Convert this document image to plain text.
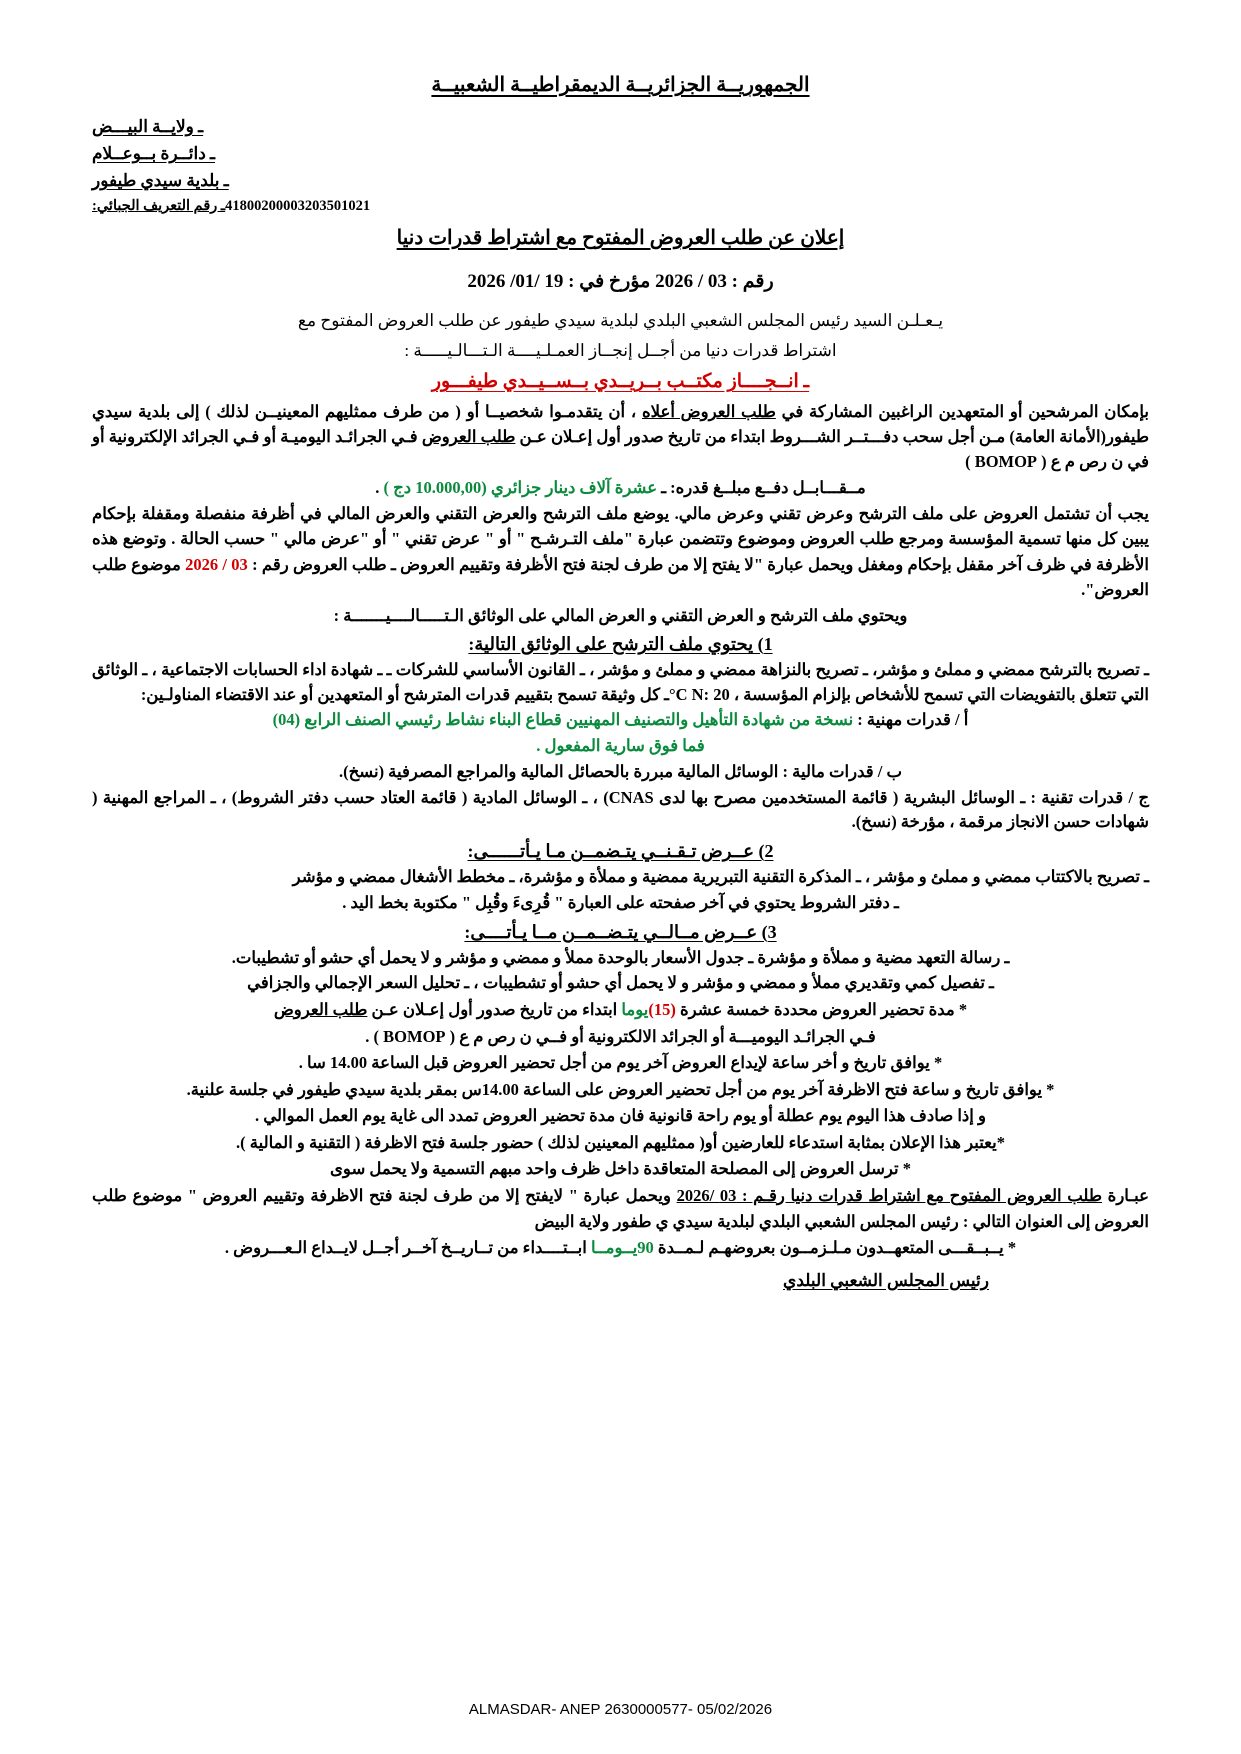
الجمهوريــة الجزائريــة الديمقراطيــة الشعبيــة
ـ ولايــة البيـــض
ـ دائــرة بــوعــلام
ـ بلدية سيدي طيفور
41800200003203501021ـ رقم التعريف الجبائي:
إعلان عن طلب العروض المفتوح مع اشتراط قدرات دنيا
رقم : 03 / 2026 مؤرخ في : 19 /01/ 2026

يـعـلـن السيد رئيس المجلس الشعبي البلدي لبلدية سيدي طيفور عن طلب العروض المفتوح مع

اشتراط قدرات دنيا من أجــل إنجــاز العمـلـيــــة الـتـــالـيـــــة :

ـ انــجــــاز مكتــب بــريــدي بــســيــدي طيفـــور

بإمكان المرشحين أو المتعهدين الراغبين المشاركة في طلب العروض أعلاه ، أن يتقدمـوا شخصيــا أو ( من طرف ممثليهم المعينيــن لذلك ) إلى بلدية سيدي طيفور(الأمانة العامة) مـن أجل سحب دفـــتــر الشـــروط ابتداء من تاريخ صدور أول إعـلان عـن طلب العروض فـي الجرائـد اليوميـة أو فـي الجرائد الإلكترونية أو في ن رص م ع ( BOMOP )

مــقـــابــل دفــع مبلــغ قدره: ـ عشرة آلاف دينار جزائري (10.000,00 دج ) .

يجب أن تشتمل العروض على ملف الترشح وعرض تقني وعرض مالي. يوضع ملف الترشح والعرض التقني والعرض المالي في أظرفة منفصلة ومقفلة بإحكام يبين كل منها تسمية المؤسسة ومرجع طلب العروض وموضوع وتتضمن عبارة "ملف التـرشـح " أو " عرض تقني " أو "عرض مالي " حسب الحالة . وتوضع هذه الأظرفة في ظرف آخر مقفل بإحكام ومغفل ويحمل عبارة "لا يفتح إلا من طرف لجنة فتح الأظرفة وتقييم العروض ـ طلب العروض رقم : 03 / 2026 موضوع طلب العروض".

ويحتوي ملف الترشح و العرض التقني و العرض المالي على الوثائق الـتـــــالــــيـــــــة :

1) يحتوي ملف الترشح على الوثائق التالية:

ـ تصريح بالترشح ممضي و مملئ و مؤشر، ـ تصريح بالنزاهة ممضي و مملئ و مؤشر ، ـ القانون الأساسي للشركات ـ ـ شهادة اداء الحسابات الاجتماعية ، ـ الوثائق التي تتعلق بالتفويضات التي تسمح للأشخاص بإلزام المؤسسة ، 20 :C N°ـ كل وثيقة تسمح بتقييم قدرات المترشح أو المتعهدين أو عند الاقتضاء المناولـين:

أ / قدرات مهنية : نسخة من شهادة التأهيل والتصنيف المهنيين قطاع البناء نشاط رئيسي الصنف الرابع (04)

فما فوق سارية المفعول .

ب / قدرات مالية : الوسائل المالية مبررة بالحصائل المالية والمراجع المصرفية (نسخ).

ج / قدرات تقنية : ـ الوسائل البشرية ( قائمة المستخدمين مصرح بها لدى CNAS) ، ـ الوسائل المادية ( قائمة العتاد حسب دفتر الشروط) ، ـ المراجع المهنية ( شهادات حسن الانجاز مرقمة ، مؤرخة (نسخ).

2) عــرض تـقـنــي يتـضمــن مـا يـأتــــــى:

ـ تصريح بالاكتتاب ممضي و مملئ و مؤشر ، ـ المذكرة التقنية التبريرية ممضية و مملأة و مؤشرة، ـ مخطط الأشغال ممضي و مؤشر

ـ دفتر الشروط يحتوي في آخر صفحته على العبارة " قُرِىءَ وقُبِل " مكتوبة بخط اليد .

3) عــرض مــالــي يتـضــمــن مــا يـأتــــى:

ـ رسالة التعهد مضية و مملأة و مؤشرة ـ جدول الأسعار بالوحدة مملأ و ممضي و مؤشر و لا يحمل أي حشو أو تشطيبات.

ـ تفصيل كمي وتقديري مملأ و ممضي و مؤشر و لا يحمل أي حشو أو تشطيبات ، ـ تحليل السعر الإجمالي والجزافي

* مدة تحضير العروض محددة خمسة عشرة (15)يوما ابتداء من تاريخ صدور أول إعـلان عـن طلب العروض

فـي الجرائـد اليوميـــة أو الجرائد الالكترونية أو فــي ن رص م ع ( BOMOP ) .

* يوافق تاريخ و أخر ساعة لإيداع العروض آخر يوم من أجل تحضير العروض قبل الساعة 14.00 سا .

* يوافق تاريخ و ساعة فتح الاظرفة آخر يوم من أجل تحضير العروض على الساعة 14.00س بمقر بلدية سيدي طيفور في جلسة علنية.

و إذا صادف هذا اليوم يوم عطلة أو يوم راحة قانونية فان مدة تحضير العروض تمدد الى غاية يوم العمل الموالي .

*يعتبر هذا الإعلان بمثابة استدعاء للعارضين أو( ممثليهم المعينين لذلك ) حضور جلسة فتح الاظرفة ( التقنية و المالية ).

* ترسل العروض إلى المصلحة المتعاقدة داخل ظرف واحد مبهم التسمية ولا يحمل سوى

عبـارة طلب العروض المفتوح مع اشتراط قدرات دنيا رقـم : 03 /2026 ويحمل عبارة " لايفتح إلا من طرف لجنة فتح الاظرفة وتقييم العروض " موضوع طلب العروض إلى العنوان التالي : رئيس المجلس الشعبي البلدي لبلدية سيدي ي طفور ولاية البيض

* يــبــقـــى المتعهــدون مـلـزمــون بعروضهـم لـمــدة 90يــومــا ابــتــــداء من تــاريــخ آخــر أجــل لايــداع الـعـــروض .

رئيس المجلس الشعبي البلدي
ALMASDAR- ANEP 2630000577- 05/02/2026
